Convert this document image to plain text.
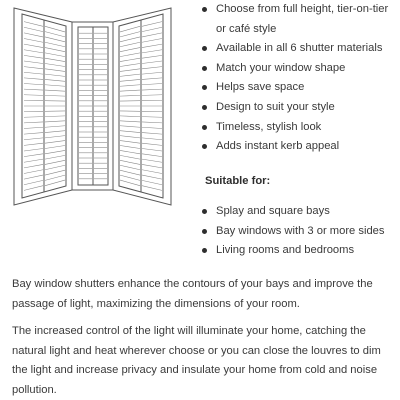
Choose from full height, tier-on-tier or café style
Available in all 6 shutter materials
Match your window shape
Helps save space
Design to suit your style
Timeless, stylish look
Adds instant kerb appeal
Suitable for:
Splay and square bays
Bay windows with 3 or more sides
Living rooms and bedrooms

Bay window shutters enhance the contours of your bays and improve the passage of light, maximizing the dimensions of your room.

The increased control of the light will illuminate your home, catching the natural light and heat wherever choose or you can close the louvres to dim the light and increase privacy and insulate your home from cold and noise pollution.
